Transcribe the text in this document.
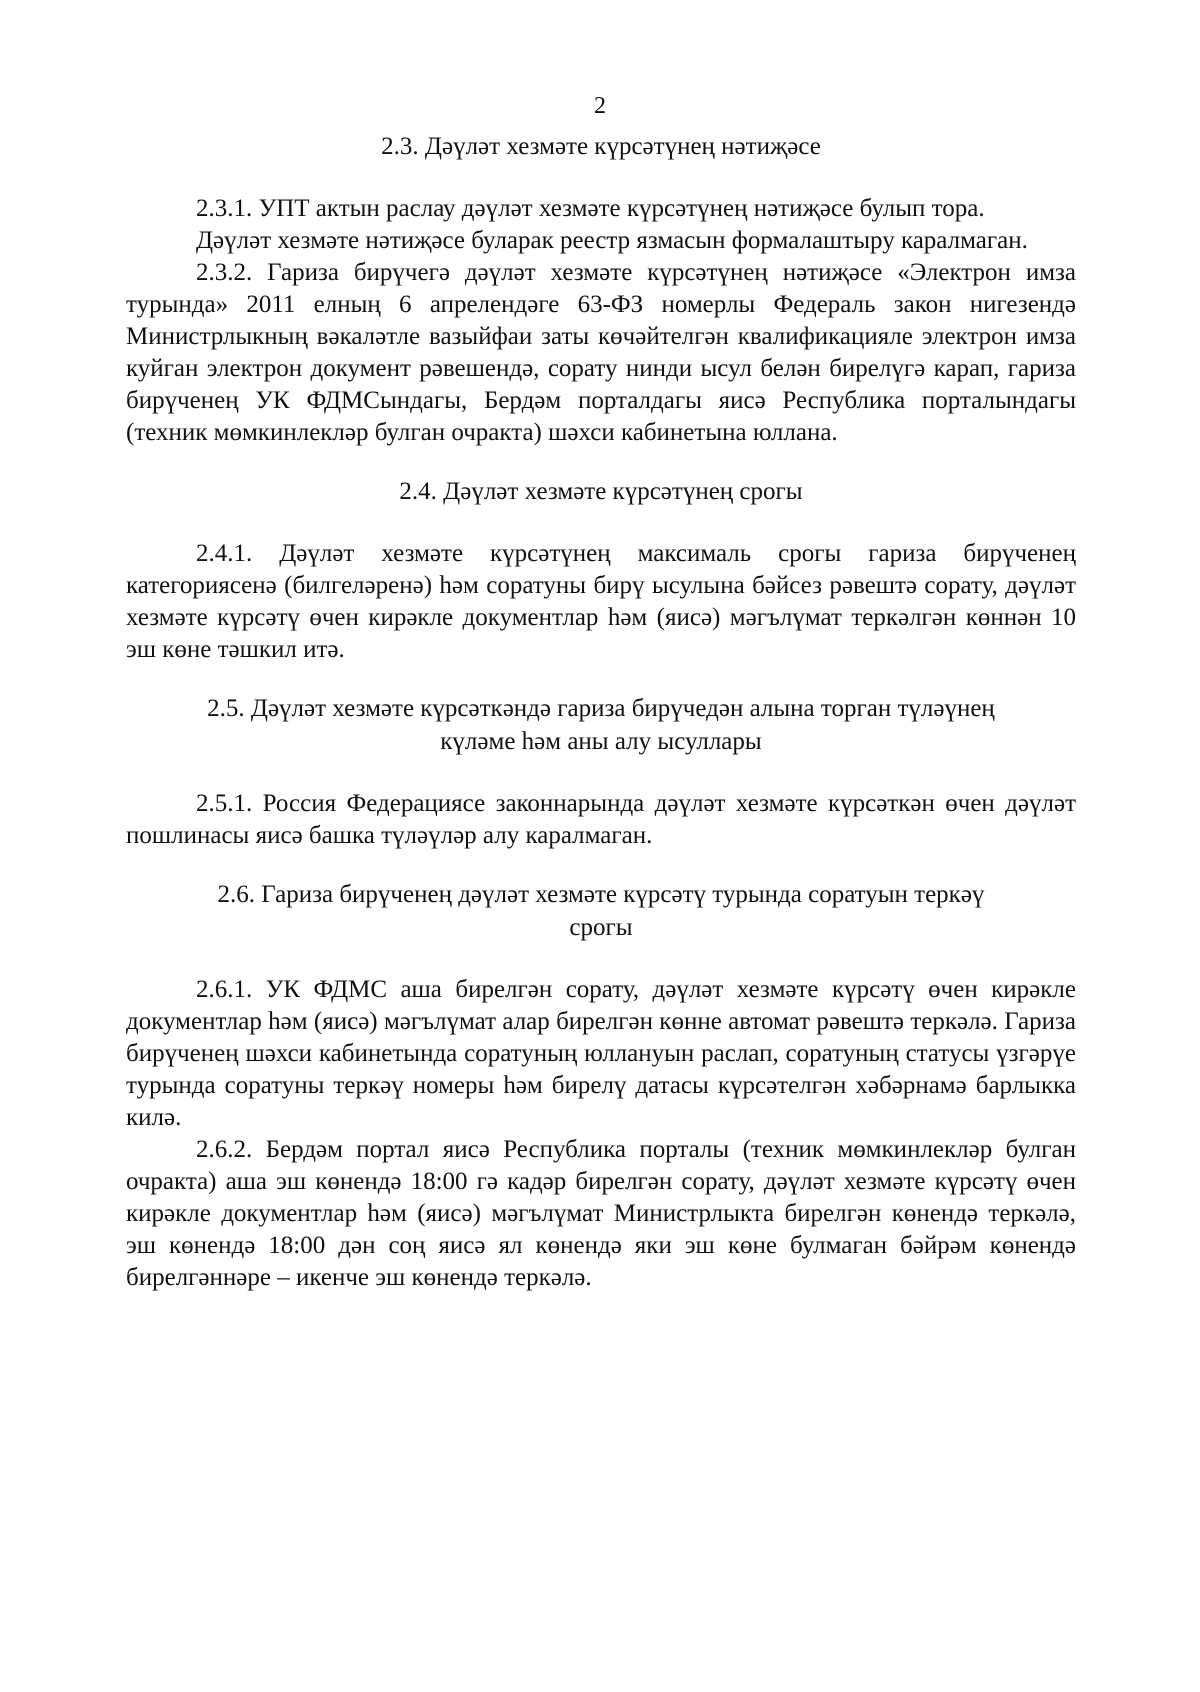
2

2.3. Дәүләт хезмәте күрсәтүнең нәтиҗәсе

2.3.1. УПТ актын раслау дәүләт хезмәте күрсәтүнең нәтиҗәсе булып тора.

Дәүләт хезмәте нәтиҗәсе буларак реестр язмасын формалаштыру каралмаган.

2.3.2. Гариза бирүчегә дәүләт хезмәте күрсәтүнең нәтиҗәсе «Электрон имза турында» 2011 елның 6 апрелендәге 63-ФЗ номерлы Федераль закон нигезендә Министрлыкның вәкаләтле вазыйфаи заты көчәйтелгән квалификацияле электрон имза куйган электрон документ рәвешендә, сорату нинди ысул белән бирелүгә карап, гариза бирүченең УК ФДМСындагы, Бердәм порталдагы яисә Республика порталындагы (техник мөмкинлекләр булган очракта) шәхси кабинетына юллана.

2.4. Дәүләт хезмәте күрсәтүнең срогы

2.4.1. Дәүләт хезмәте күрсәтүнең максималь срогы гариза бирүченең категориясенә (билгеләренә) һәм соратуны бирү ысулына бәйсез рәвештә сорату, дәүләт хезмәте күрсәтү өчен кирәкле документлар һәм (яисә) мәгълүмат теркәлгән көннән 10 эш көне тәшкил итә.

2.5. Дәүләт хезмәте күрсәткәндә гариза бирүчедән алына торган түләүнең

күләме һәм аны алу ысуллары

2.5.1. Россия Федерациясе законнарында дәүләт хезмәте күрсәткән өчен дәүләт пошлинасы яисә башка түләүләр алу каралмаган.

2.6. Гариза бирүченең дәүләт хезмәте күрсәтү турында соратуын теркәү

срогы

2.6.1. УК ФДМС аша бирелгән сорату, дәүләт хезмәте күрсәтү өчен кирәкле документлар һәм (яисә) мәгълүмат алар бирелгән көнне автомат рәвештә теркәлә. Гариза бирүченең шәхси кабинетында соратуның юллануын раслап, соратуның статусы үзгәрүе турында соратуны теркәү номеры һәм бирелү датасы күрсәтелгән хәбәрнамә барлыкка килә.

2.6.2. Бердәм портал яисә Республика порталы (техник мөмкинлекләр булган очракта) аша эш көнендә 18:00 гә кадәр бирелгән сорату, дәүләт хезмәте күрсәтү өчен кирәкле документлар һәм (яисә) мәгълүмат Министрлыкта бирелгән көнендә теркәлә, эш көнендә 18:00 дән соң яисә ял көнендә яки эш көне булмаган бәйрәм көнендә бирелгәннәре – икенче эш көнендә теркәлә.
